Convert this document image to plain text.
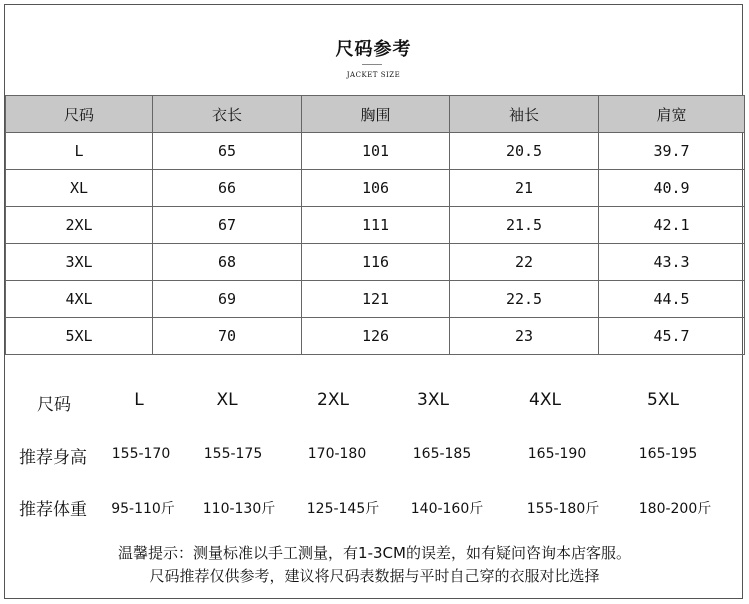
尺码参考
JACKET SIZE
尺码	衣长	胸围	袖长	肩宽
L	65	101	20.5	39.7
XL	66	106	21	40.9
2XL	67	111	21.5	42.1
3XL	68	116	22	43.3
4XL	69	121	22.5	44.5
5XL	70	126	23	45.7
尺码	L	XL	2XL	3XL	4XL	5XL
推荐身高	155-170	155-175	170-180	165-185	165-190	165-195
推荐体重	95-110斤	110-130斤	125-145斤	140-160斤	155-180斤	180-200斤
温馨提示：测量标准以手工测量，有1-3CM的误差，如有疑问咨询本店客服。
尺码推荐仅供参考，建议将尺码表数据与平时自己穿的衣服对比选择
